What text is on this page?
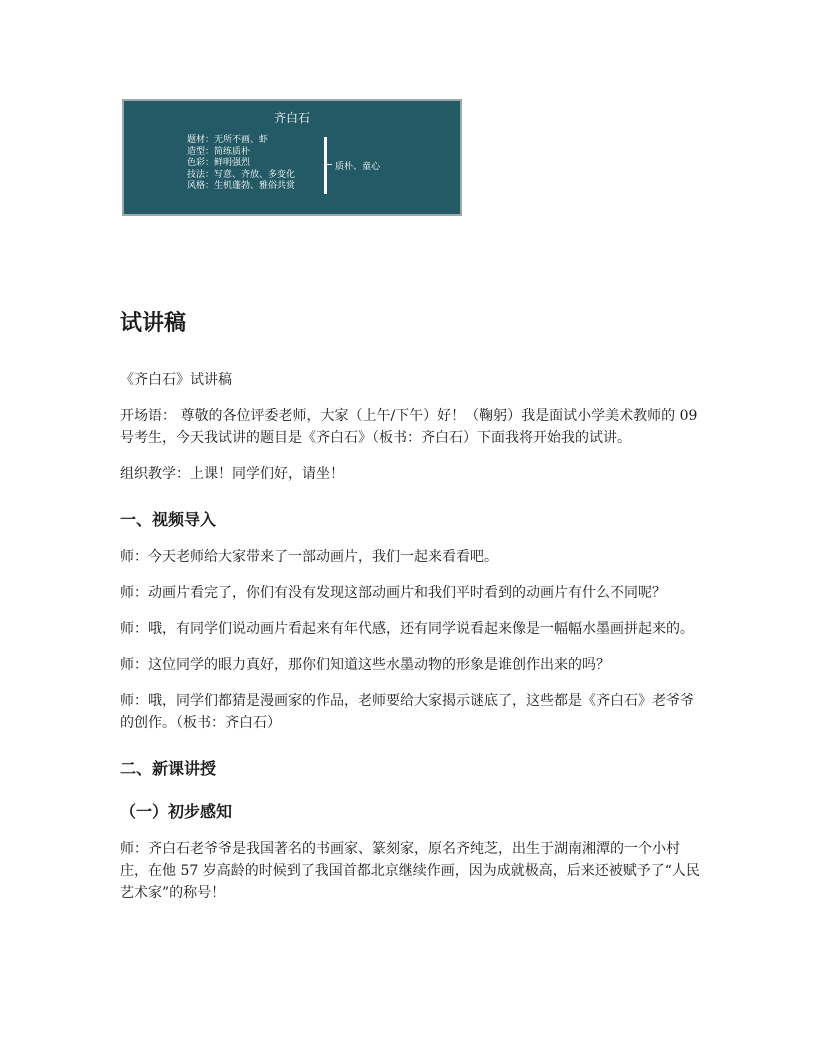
齐白石
题材：无所不画、虾
造型：简练质朴
色彩：鲜明强烈
技法：写意、齐放、多变化
风格：生机蓬勃、雅俗共赏
质朴、童心
试讲稿

《齐白石》试讲稿

开场语： 尊敬的各位评委老师，大家（上午/下午）好！（鞠躬）我是面试小学美术教师的 09 号考生，今天我试讲的题目是《齐白石》（板书：齐白石）下面我将开始我的试讲。

组织教学：上课！同学们好，请坐！

一、视频导入

师：今天老师给大家带来了一部动画片，我们一起来看看吧。

师：动画片看完了，你们有没有发现这部动画片和我们平时看到的动画片有什么不同呢？

师：哦，有同学们说动画片看起来有年代感，还有同学说看起来像是一幅幅水墨画拼起来的。

师：这位同学的眼力真好，那你们知道这些水墨动物的形象是谁创作出来的吗？

师：哦，同学们都猜是漫画家的作品，老师要给大家揭示谜底了，这些都是《齐白石》老爷爷的创作。（板书：齐白石）

二、新课讲授
（一）初步感知

师：齐白石老爷爷是我国著名的书画家、篆刻家，原名齐纯芝，出生于湖南湘潭的一个小村庄，在他 57 岁高龄的时候到了我国首都北京继续作画，因为成就极高，后来还被赋予了“人民艺术家”的称号！
